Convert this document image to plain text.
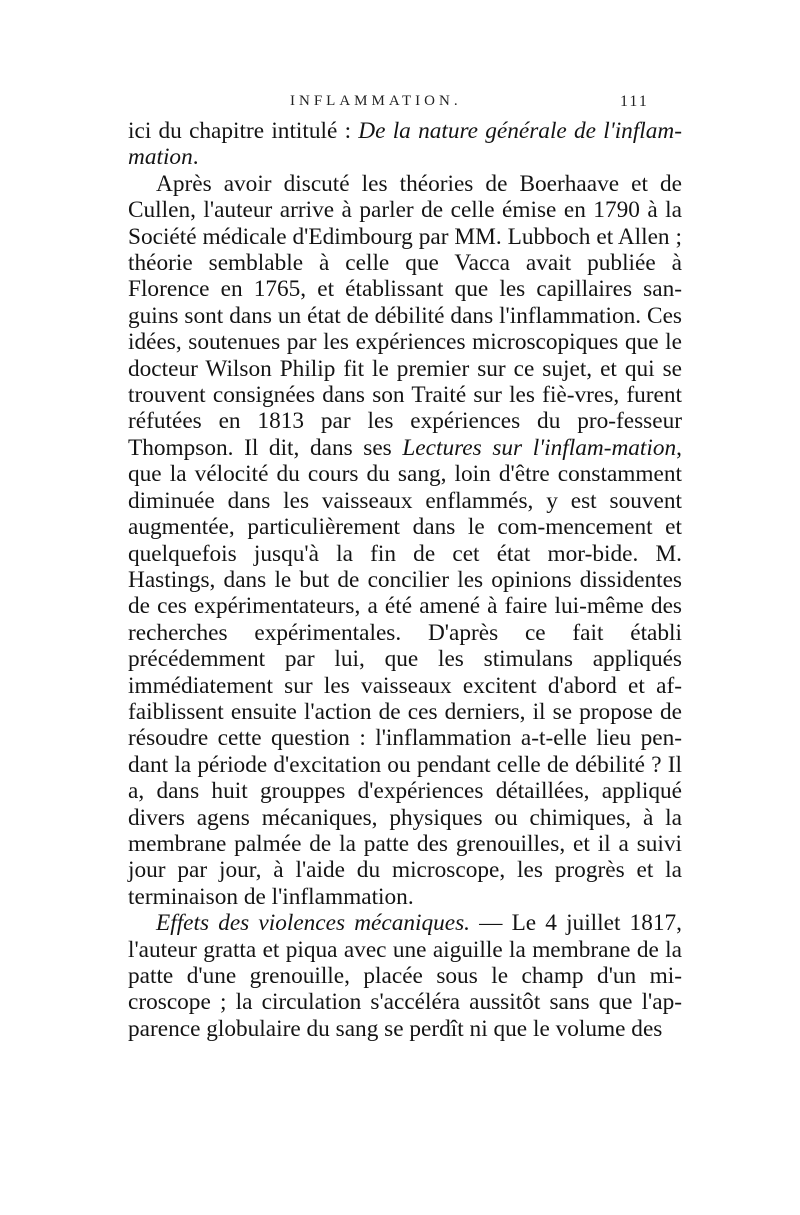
INFLAMMATION.	111

ici du chapitre intitulé : De la nature générale de l'inflam-mation.

Après avoir discuté les théories de Boerhaave et de Cullen, l'auteur arrive à parler de celle émise en 1790 à la Société médicale d'Edimbourg par MM. Lubboch et Allen ; théorie semblable à celle que Vacca avait publiée à Florence en 1765, et établissant que les capillaires san-guins sont dans un état de débilité dans l'inflammation. Ces idées, soutenues par les expériences microscopiques que le docteur Wilson Philip fit le premier sur ce sujet, et qui se trouvent consignées dans son Traité sur les fiè-vres, furent réfutées en 1813 par les expériences du pro-fesseur Thompson. Il dit, dans ses Lectures sur l'inflam-mation, que la vélocité du cours du sang, loin d'être constamment diminuée dans les vaisseaux enflammés, y est souvent augmentée, particulièrement dans le com-mencement et quelquefois jusqu'à la fin de cet état mor-bide. M. Hastings, dans le but de concilier les opinions dissidentes de ces expérimentateurs, a été amené à faire lui-même des recherches expérimentales. D'après ce fait établi précédemment par lui, que les stimulans appliqués immédiatement sur les vaisseaux excitent d'abord et af-faiblissent ensuite l'action de ces derniers, il se propose de résoudre cette question : l'inflammation a-t-elle lieu pen-dant la période d'excitation ou pendant celle de débilité ? Il a, dans huit grouppes d'expériences détaillées, appliqué divers agens mécaniques, physiques ou chimiques, à la membrane palmée de la patte des grenouilles, et il a suivi jour par jour, à l'aide du microscope, les progrès et la terminaison de l'inflammation.

Effets des violences mécaniques. — Le 4 juillet 1817, l'auteur gratta et piqua avec une aiguille la membrane de la patte d'une grenouille, placée sous le champ d'un mi-croscope ; la circulation s'accéléra aussitôt sans que l'ap-parence globulaire du sang se perdît ni que le volume des
